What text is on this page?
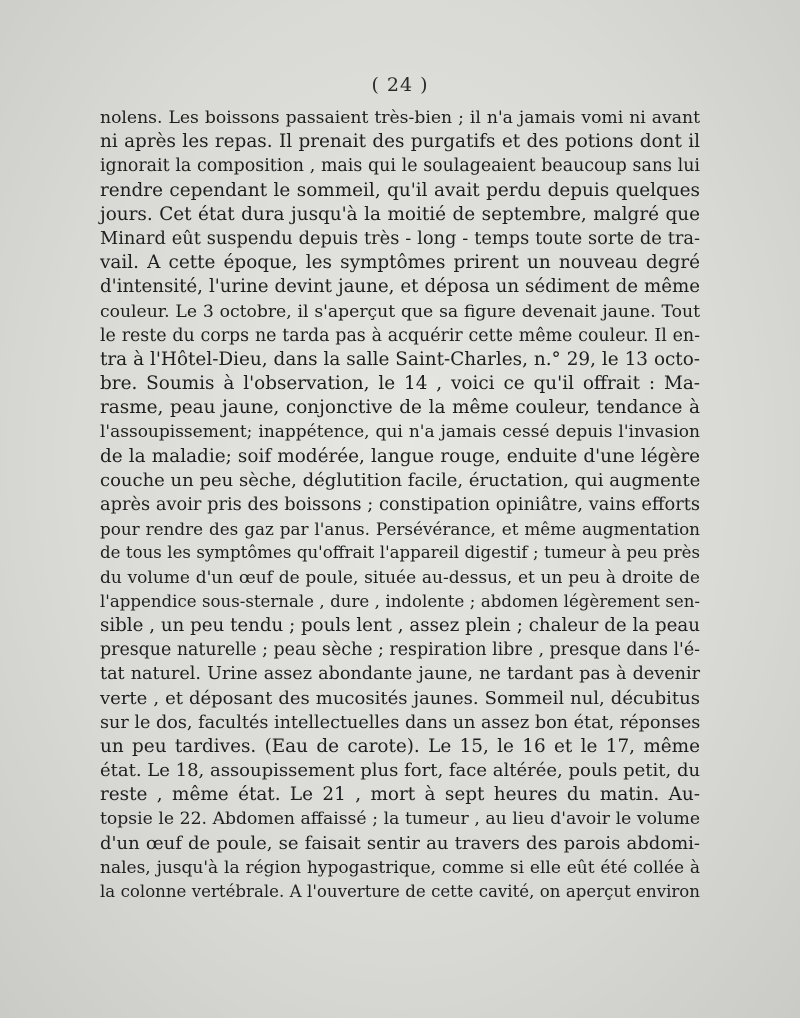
( 24 )
nolens. Les boissons passaient très-bien ; il n'a jamais vomi ni avant
ni après les repas. Il prenait des purgatifs et des potions dont il
ignorait la composition , mais qui le soulageaient beaucoup sans lui
rendre cependant le sommeil, qu'il avait perdu depuis quelques
jours. Cet état dura jusqu'à la moitié de septembre, malgré que
Minard eût suspendu depuis très - long - temps toute sorte de tra-
vail. A cette époque, les symptômes prirent un nouveau degré
d'intensité, l'urine devint jaune, et déposa un sédiment de même
couleur. Le 3 octobre, il s'aperçut que sa figure devenait jaune. Tout
le reste du corps ne tarda pas à acquérir cette même couleur. Il en-
tra à l'Hôtel-Dieu, dans la salle Saint-Charles, n.° 29, le 13 octo-
bre. Soumis à l'observation, le 14 , voici ce qu'il offrait : Ma-
rasme, peau jaune, conjonctive de la même couleur, tendance à
l'assoupissement; inappétence, qui n'a jamais cessé depuis l'invasion
de la maladie; soif modérée, langue rouge, enduite d'une légère
couche un peu sèche, déglutition facile, éructation, qui augmente
après avoir pris des boissons ; constipation opiniâtre, vains efforts
pour rendre des gaz par l'anus. Persévérance, et même augmentation
de tous les symptômes qu'offrait l'appareil digestif ; tumeur à peu près
du volume d'un œuf de poule, située au-dessus, et un peu à droite de
l'appendice sous-sternale , dure , indolente ; abdomen légèrement sen-
sible , un peu tendu ; pouls lent , assez plein ; chaleur de la peau
presque naturelle ; peau sèche ; respiration libre , presque dans l'é-
tat naturel. Urine assez abondante jaune, ne tardant pas à devenir
verte , et déposant des mucosités jaunes. Sommeil nul, décubitus
sur le dos, facultés intellectuelles dans un assez bon état, réponses
un peu tardives. (Eau de carote). Le 15, le 16 et le 17, même
état. Le 18, assoupissement plus fort, face altérée, pouls petit, du
reste , même état. Le 21 , mort à sept heures du matin. Au-
topsie le 22. Abdomen affaissé ; la tumeur , au lieu d'avoir le volume
d'un œuf de poule, se faisait sentir au travers des parois abdomi-
nales, jusqu'à la région hypogastrique, comme si elle eût été collée à
la colonne vertébrale. A l'ouverture de cette cavité, on aperçut environ
